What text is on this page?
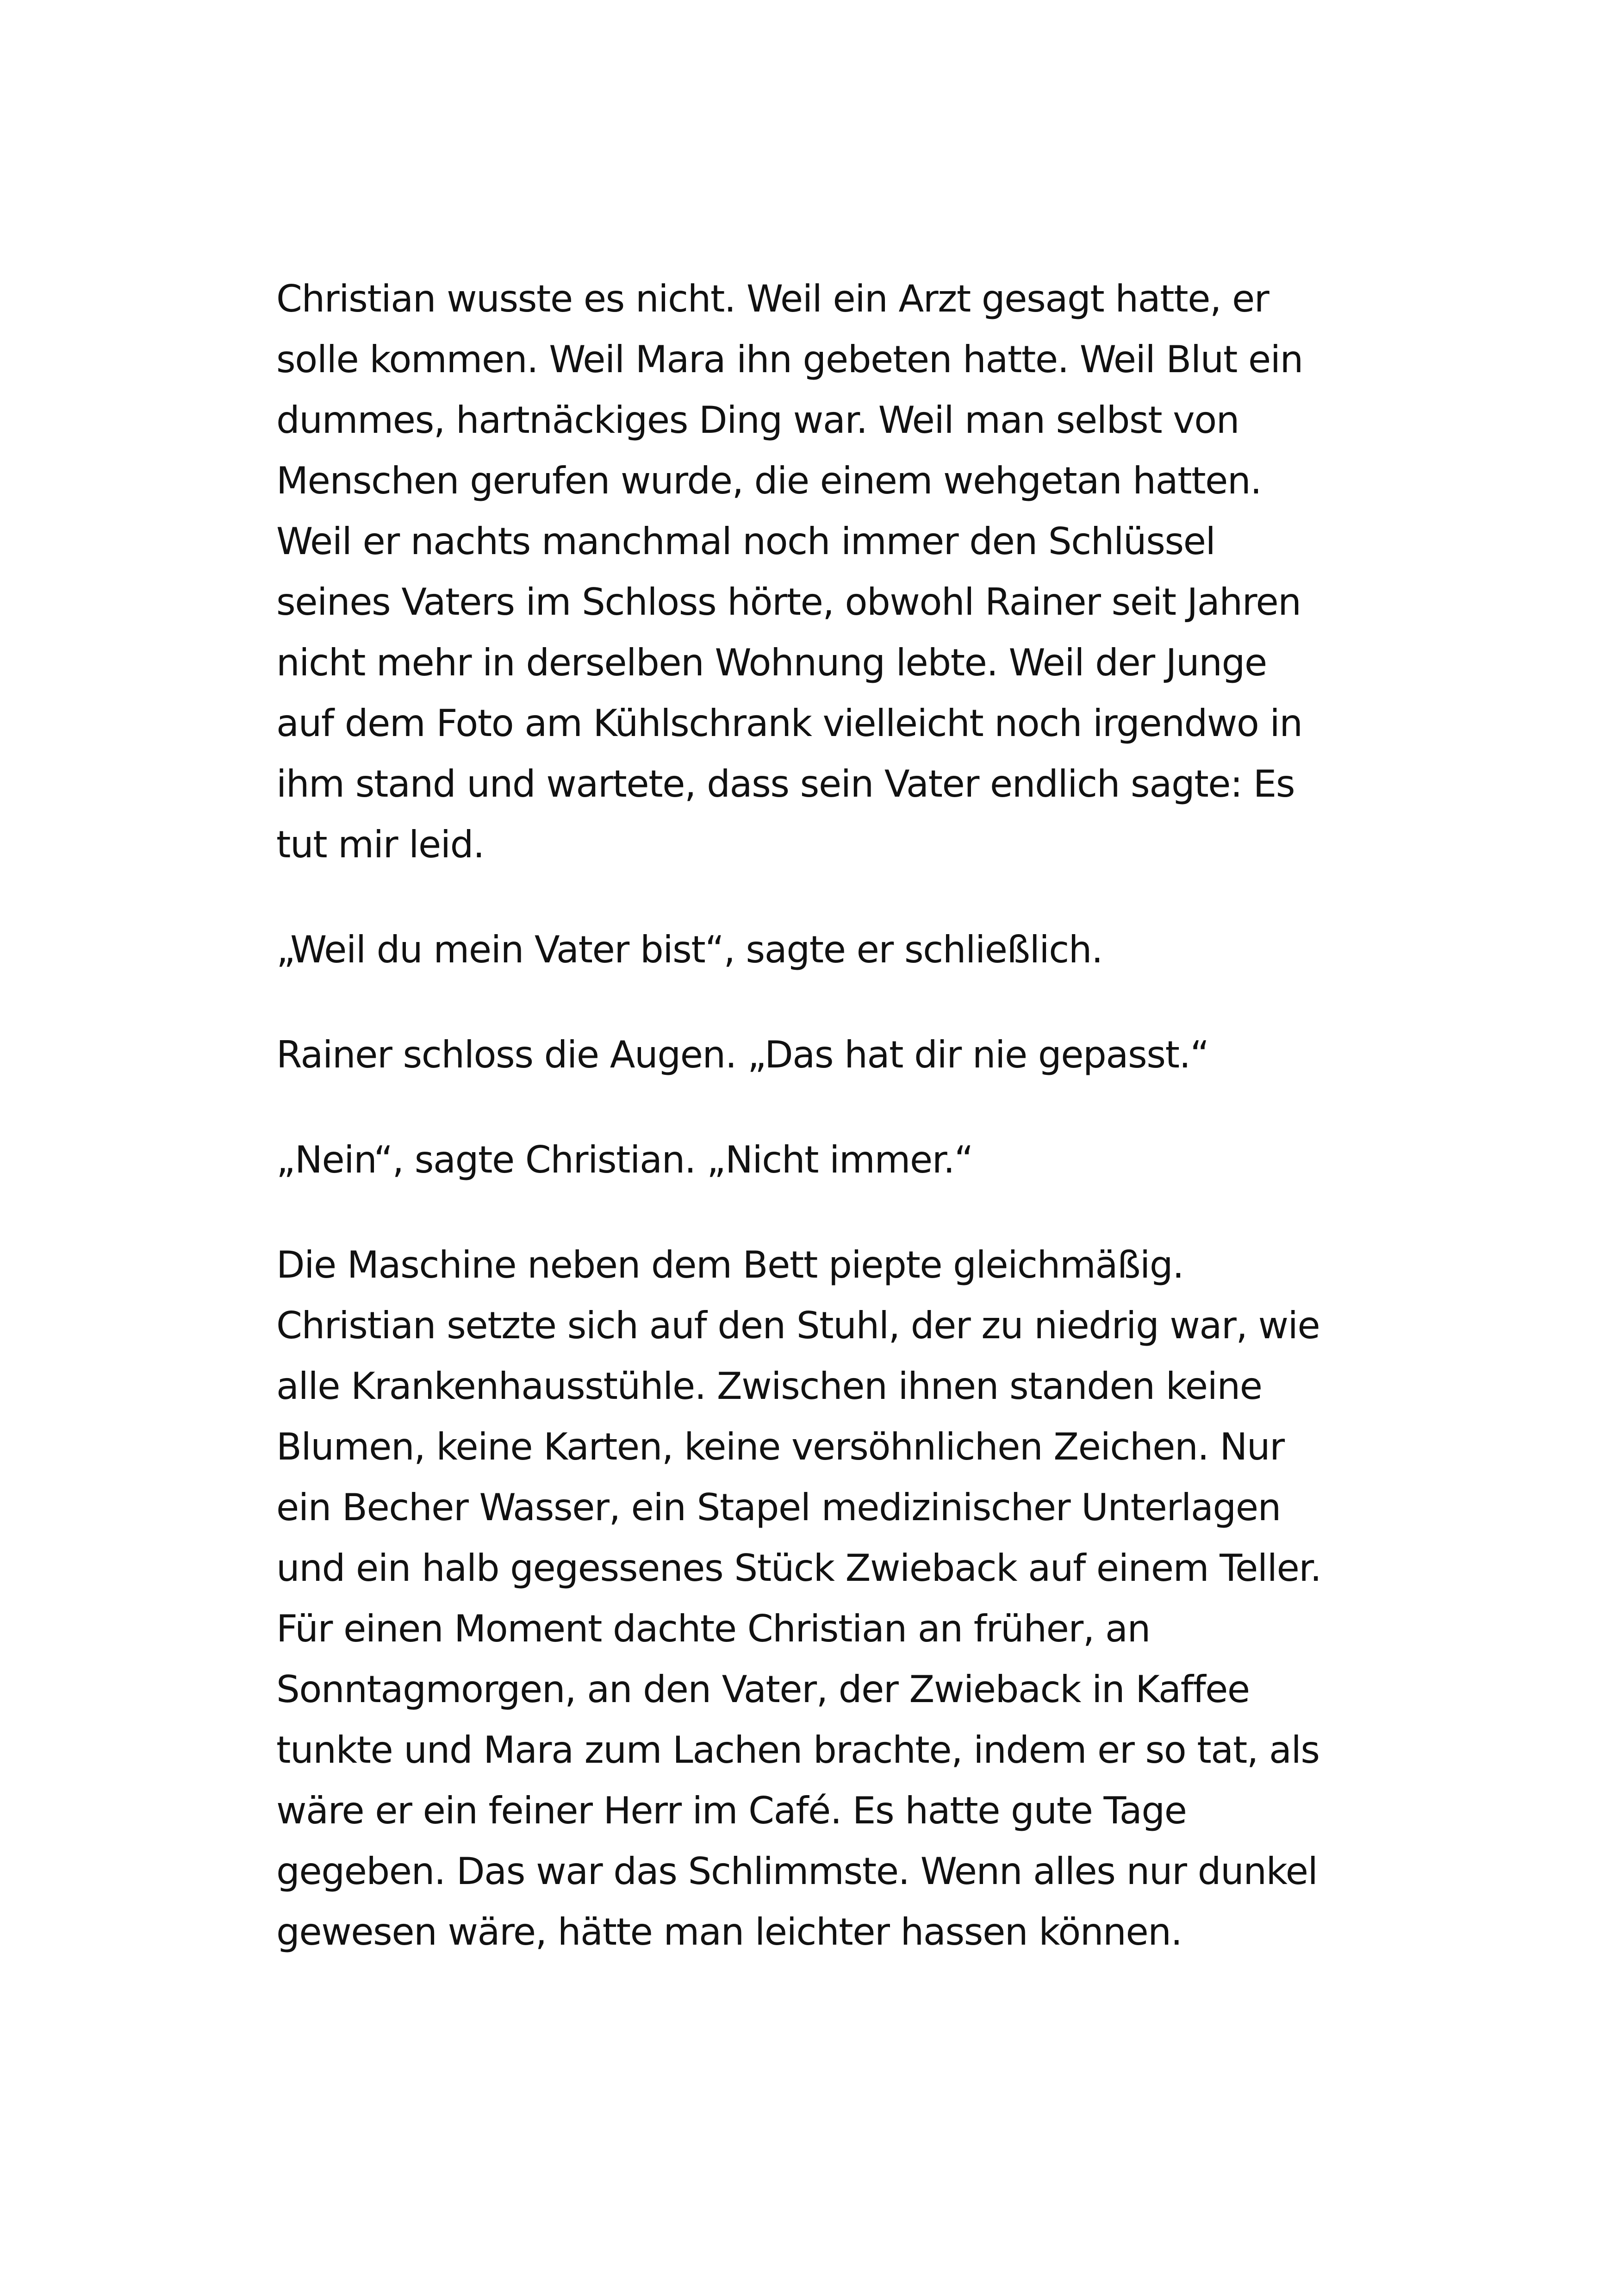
Christian wusste es nicht. Weil ein Arzt gesagt hatte, er
solle kommen. Weil Mara ihn gebeten hatte. Weil Blut ein
dummes, hartnäckiges Ding war. Weil man selbst von
Menschen gerufen wurde, die einem wehgetan hatten.
Weil er nachts manchmal noch immer den Schlüssel
seines Vaters im Schloss hörte, obwohl Rainer seit Jahren
nicht mehr in derselben Wohnung lebte. Weil der Junge
auf dem Foto am Kühlschrank vielleicht noch irgendwo in
ihm stand und wartete, dass sein Vater endlich sagte: Es
tut mir leid.

„Weil du mein Vater bist“, sagte er schließlich.

Rainer schloss die Augen. „Das hat dir nie gepasst.“

„Nein“, sagte Christian. „Nicht immer.“

Die Maschine neben dem Bett piepte gleichmäßig.
Christian setzte sich auf den Stuhl, der zu niedrig war, wie
alle Krankenhausstühle. Zwischen ihnen standen keine
Blumen, keine Karten, keine versöhnlichen Zeichen. Nur
ein Becher Wasser, ein Stapel medizinischer Unterlagen
und ein halb gegessenes Stück Zwieback auf einem Teller.
Für einen Moment dachte Christian an früher, an
Sonntagmorgen, an den Vater, der Zwieback in Kaffee
tunkte und Mara zum Lachen brachte, indem er so tat, als
wäre er ein feiner Herr im Café. Es hatte gute Tage
gegeben. Das war das Schlimmste. Wenn alles nur dunkel
gewesen wäre, hätte man leichter hassen können.
